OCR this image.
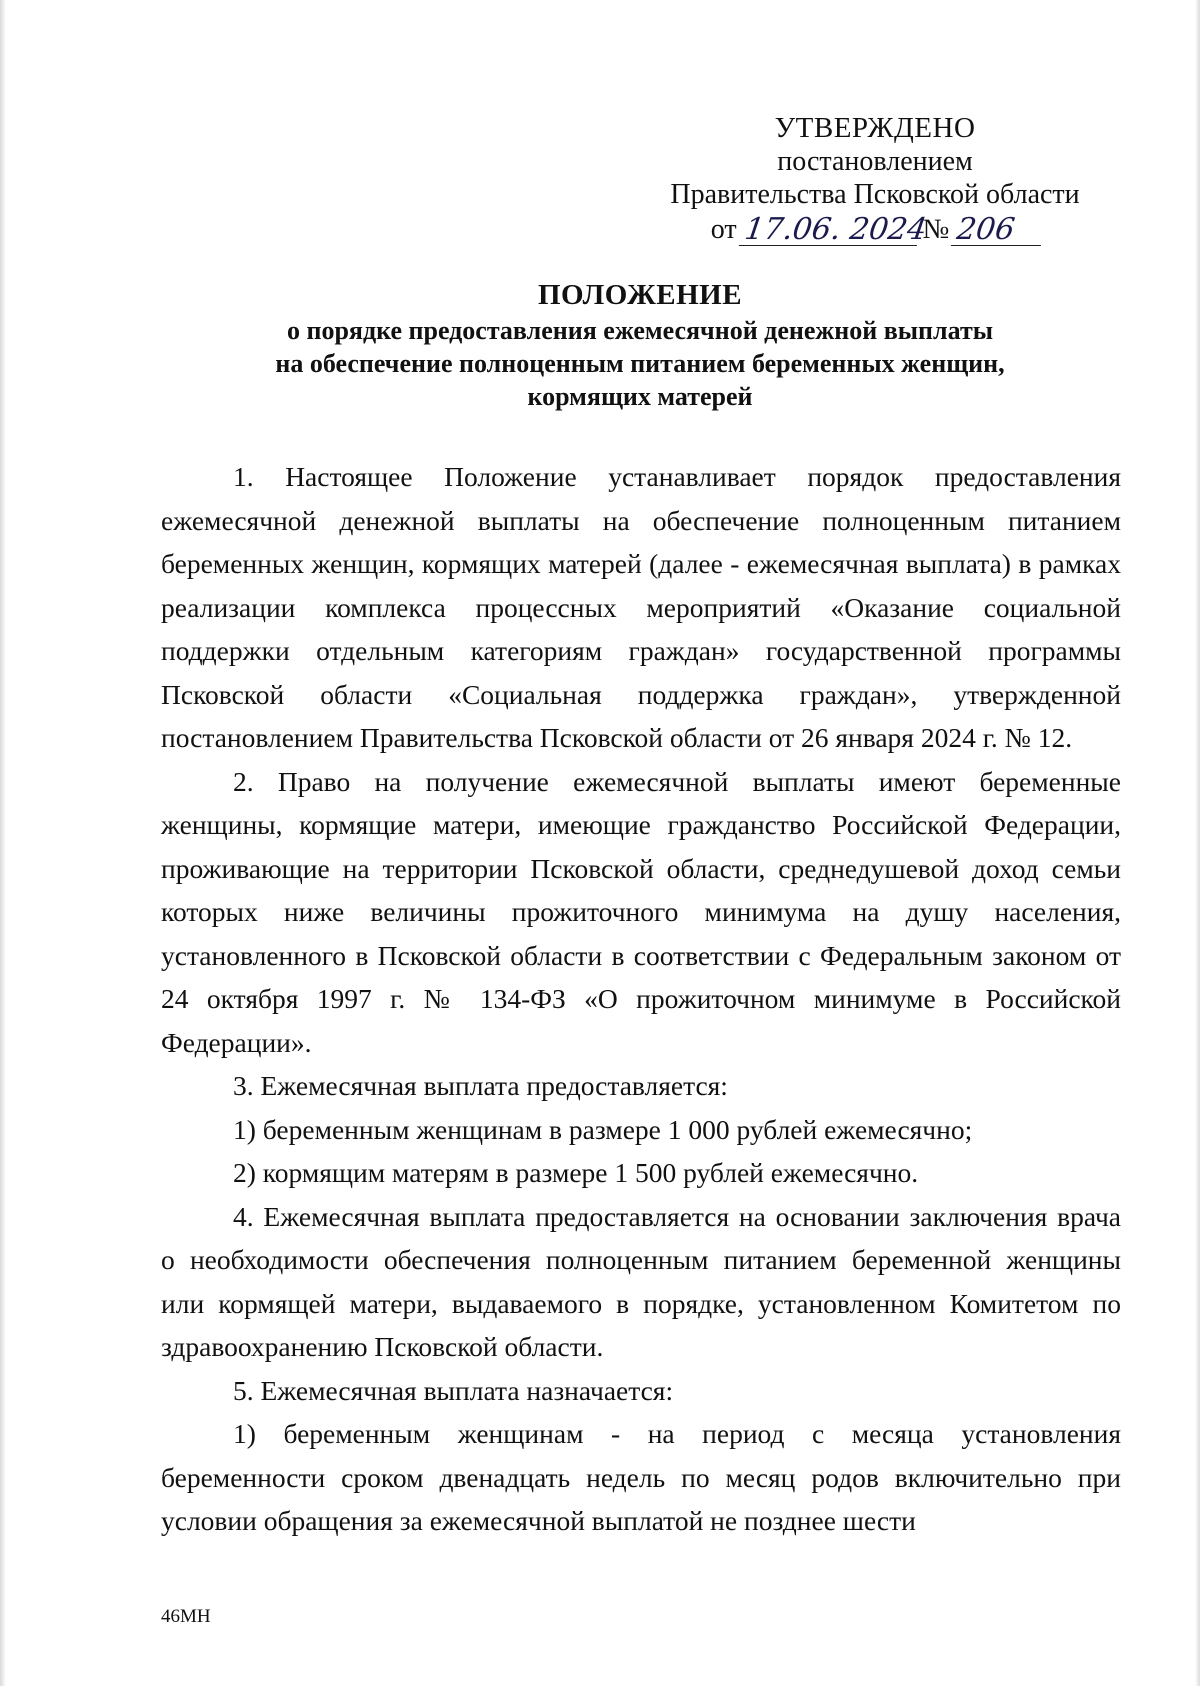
УТВЕРЖДЕНО
постановлением
Правительства Псковской области
от 17.06. 2024
№ 206
ПОЛОЖЕНИЕ
о порядке предоставления ежемесячной денежной выплаты
на обеспечение полноценным питанием беременных женщин,
кормящих матерей

1. Настоящее Положение устанавливает порядок предоставления ежемесячной денежной выплаты на обеспечение полноценным питанием беременных женщин, кормящих матерей (далее - ежемесячная выплата) в рамках реализации комплекса процессных мероприятий «Оказание социальной поддержки отдельным категориям граждан» государственной программы Псковской области «Социальная поддержка граждан», утвержденной постановлением Правительства Псковской области от 26 января 2024 г. № 12.

2. Право на получение ежемесячной выплаты имеют беременные женщины, кормящие матери, имеющие гражданство Российской Федерации, проживающие на территории Псковской области, среднедушевой доход семьи которых ниже величины прожиточного минимума на душу населения, установленного в Псковской области в соответствии с Федеральным законом от 24 октября 1997 г. № 134-ФЗ «О прожиточном минимуме в Российской Федерации».

3. Ежемесячная выплата предоставляется:

1) беременным женщинам в размере 1 000 рублей ежемесячно;

2) кормящим матерям в размере 1 500 рублей ежемесячно.

4. Ежемесячная выплата предоставляется на основании заключения врача о необходимости обеспечения полноценным питанием беременной женщины или кормящей матери, выдаваемого в порядке, установленном Комитетом по здравоохранению Псковской области.

5. Ежемесячная выплата назначается:

1) беременным женщинам - на период с месяца установления беременности сроком двенадцать недель по месяц родов включительно при условии обращения за ежемесячной выплатой не позднее шести

46МН
